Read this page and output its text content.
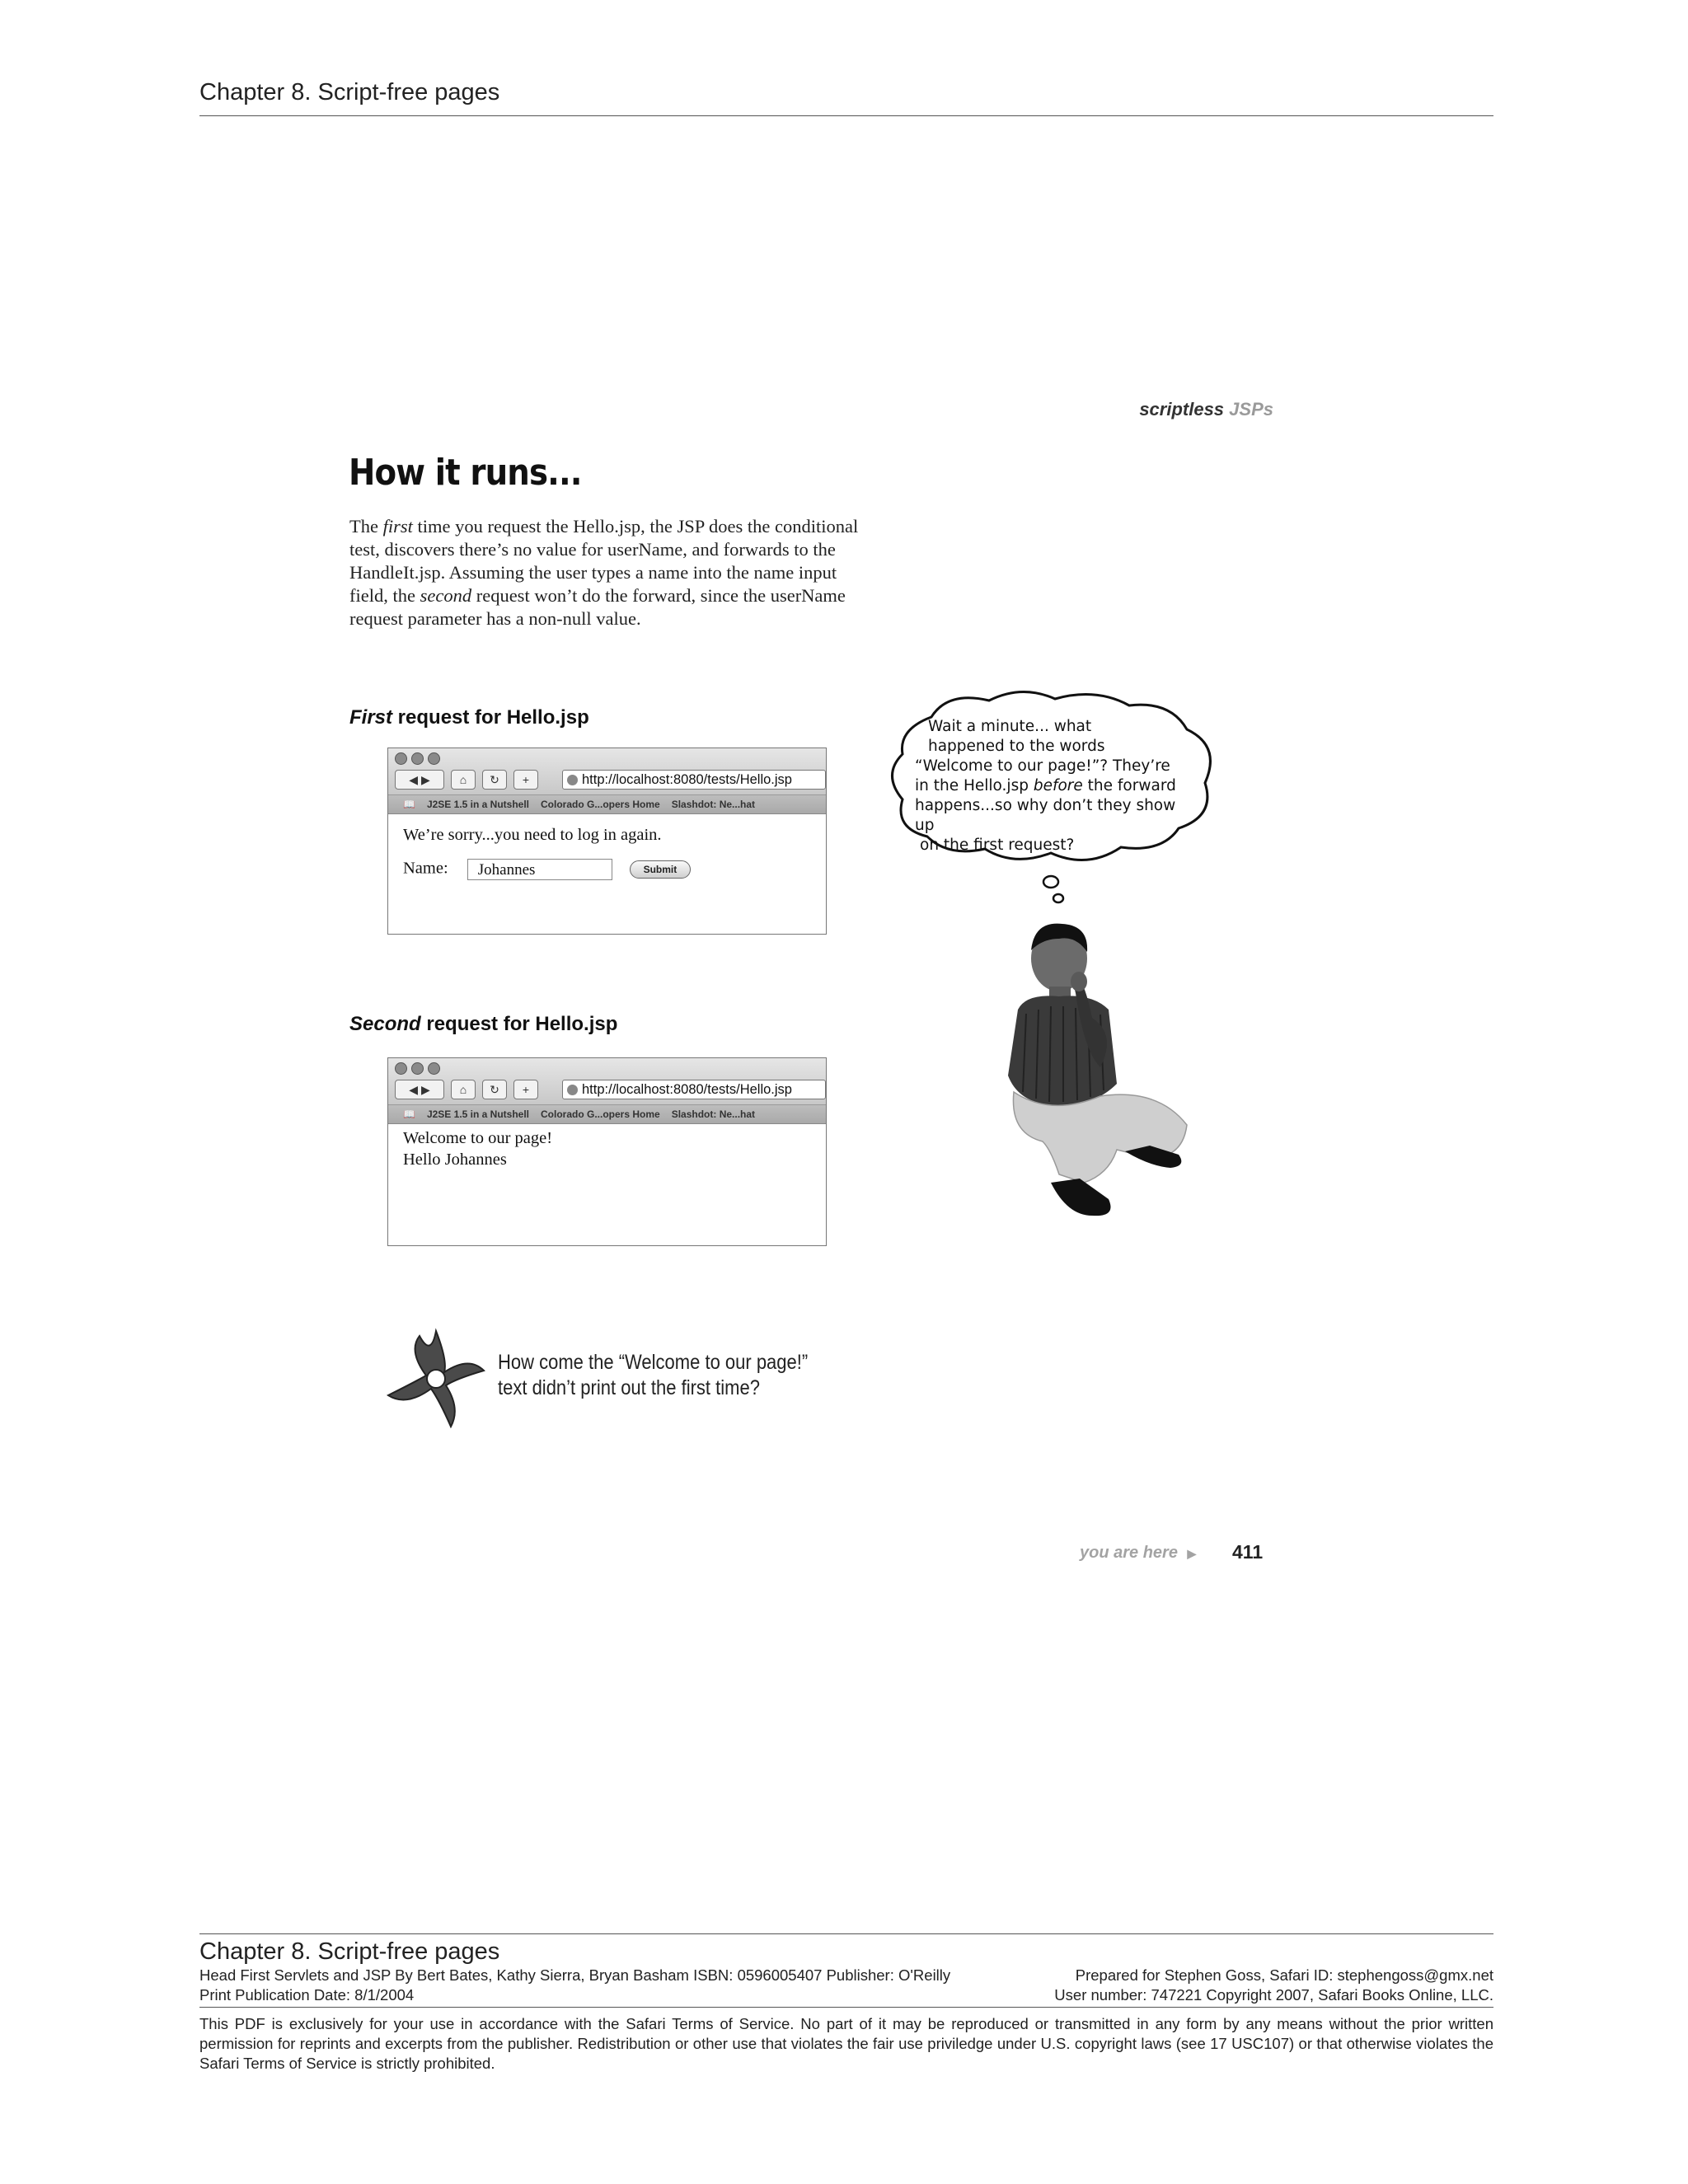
Chapter 8. Script-free pages
scriptless JSPs
How it runs...

The first time you request the Hello.jsp, the JSP does the conditional test, discovers there’s no value for userName, and forwards to the HandleIt.jsp. Assuming the user types a name into the name input field, the second request won’t do the forward, since the userName request parameter has a non-null value.

First request for Hello.jsp
◀ ▶	⌂	↻	+	http://localhost:8080/tests/Hello.jsp
📖 J2SE 1.5 in a Nutshell Colorado G...opers Home Slashdot: Ne...hat
We’re sorry...you need to log in again.
Name: Johannes	Submit
Second request for Hello.jsp
◀ ▶	⌂	↻	+	http://localhost:8080/tests/Hello.jsp
📖 J2SE 1.5 in a Nutshell Colorado G...opers Home Slashdot: Ne...hat
Welcome to our page!
Hello Johannes
Wait a minute... what
happened to the words
“Welcome to our page!”? They’re
in the Hello.jsp before the forward
happens...so why don’t they show up
on the first request?
How come the “Welcome to our page!” text didn’t print out the first time?
you are here ▶ 411
Chapter 8. Script-free pages
Head First Servlets and JSP By Bert Bates, Kathy Sierra, Bryan Basham ISBN: 0596005407 Publisher: O'Reilly	Prepared for Stephen Goss, Safari ID: stephengoss@gmx.net
Print Publication Date: 8/1/2004	User number: 747221 Copyright 2007, Safari Books Online, LLC.
This PDF is exclusively for your use in accordance with the Safari Terms of Service. No part of it may be reproduced or transmitted in any form by any means without the prior written permission for reprints and excerpts from the publisher. Redistribution or other use that violates the fair use priviledge under U.S. copyright laws (see 17 USC107) or that otherwise violates the Safari Terms of Service is strictly prohibited.
